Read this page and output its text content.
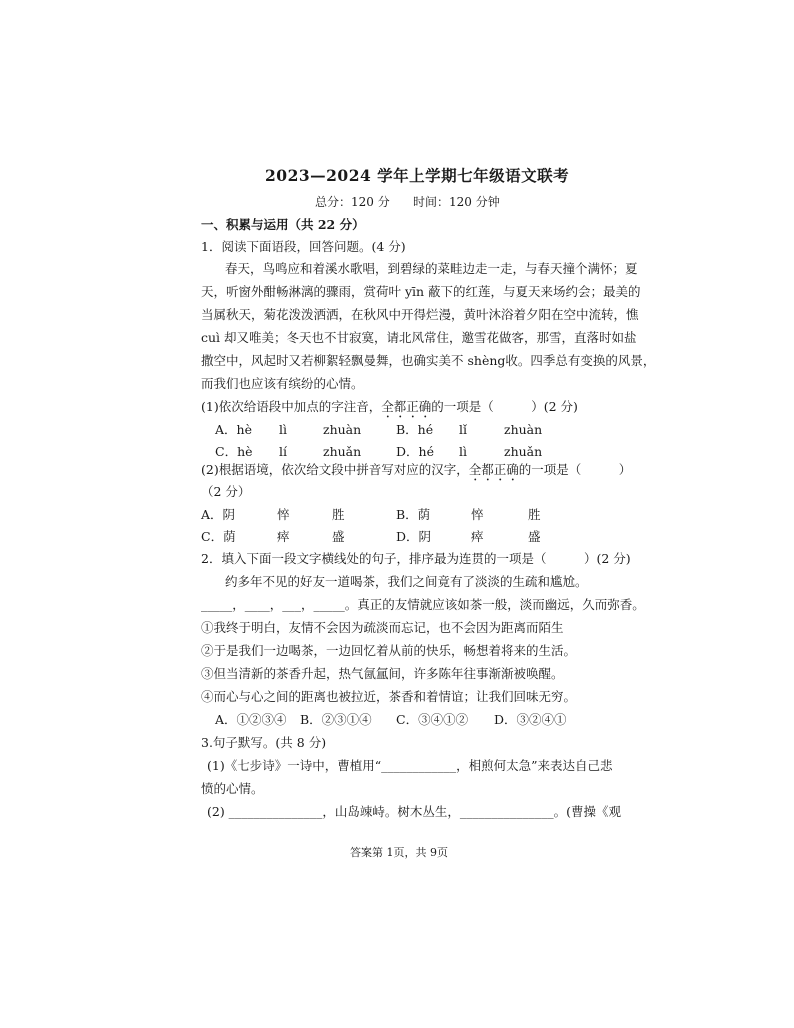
2023—2024 学年上学期七年级语文联考
总分：120 分 时间：120 分钟
一、积累与运用（共 22 分）
1．阅读下面语段，回答问题。(4 分)
春天，鸟鸣应和着溪水歌唱，到碧绿的菜畦边走一走，与春天撞个满怀；夏
天，听窗外酣畅淋漓的骤雨，赏荷叶 yīn 蔽下的红莲，与夏天来场约会；最美的
当属秋天，菊花泼泼洒洒，在秋风中开得烂漫，黄叶沐浴着夕阳在空中流转，憔
cuì 却又唯美；冬天也不甘寂寞，请北风常住，邀雪花做客，那雪，直落时如盐
撒空中，风起时又若柳絮轻飘曼舞，也确实美不 shèng收。四季总有变换的风景，
而我们也应该有缤纷的心情。
(1)依次给语段中加点的字注音，全都正确的一项是（　　　）(2 分)
A．hè lì	zhuàn	B．hé lǐ	zhuàn
C．hè lí	zhuǎn	D．hé lì	zhuǎn
(2)根据语境，依次给文段中拼音写对应的汉字，全都正确的一项是（　　　）
（2 分）
A．阴	悴	胜	B．荫	悴	胜
C．荫	瘁	盛	D．阴	瘁	盛
2．填入下面一段文字横线处的句子，排序最为连贯的一项是（　　　）(2 分)
约多年不见的好友一道喝茶，我们之间竟有了淡淡的生疏和尴尬。
_____，____，___，_____。真正的友情就应该如茶一般，淡而幽远，久而弥香。
①我终于明白，友情不会因为疏淡而忘记，也不会因为距离而陌生
②于是我们一边喝茶，一边回忆着从前的快乐，畅想着将来的生活。
③但当清新的茶香升起，热气氤氲间，许多陈年往事渐渐被唤醒。
④而心与心之间的距离也被拉近，茶香和着情谊；让我们回味无穷。
A．①②③④ B．②③①④ C．③④①② D．③②④①
3.句子默写。(共 8 分)
(1)《七步诗》一诗中，曹植用“____________，相煎何太急”来表达自己悲
愤的心情。
(2) _______________，山岛竦峙。树木丛生，_______________。(曹操《观
答案第 1页，共 9页
